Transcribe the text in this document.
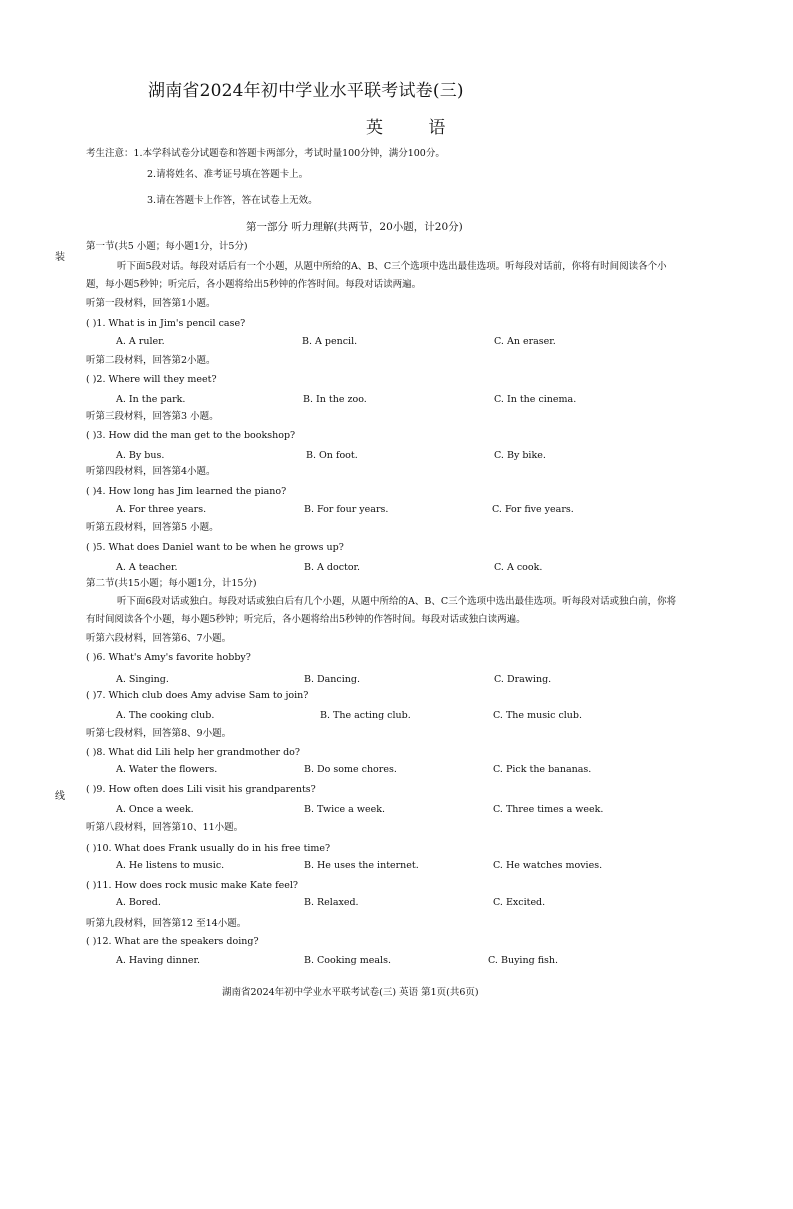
湖南省2024年初中学业水平联考试卷(三)
英 语
考生注意：1.本学科试卷分试题卷和答题卡两部分，考试时量100分钟，满分100分。
2.请将姓名、准考证号填在答题卡上。
3.请在答题卡上作答，答在试卷上无效。
第一部分 听力理解(共两节，20小题，计20分)
第一节(共5 小题；每小题1分，计5分)
装
听下面5段对话。每段对话后有一个小题，从题中所给的A、B、C三个选项中选出最佳选项。听每段对话前，你将有时间阅读各个小
题，每小题5秒钟；听完后，各小题将给出5秒钟的作答时间。每段对话读两遍。
听第一段材料，回答第1小题。
( )1. What is in Jim's pencil case?
A. A ruler.	B. A pencil.	C. An eraser.
听第二段材料，回答第2小题。
( )2. Where will they meet?
A. In the park.	B. In the zoo.	C. In the cinema.
听第三段材料，回答第3 小题。
( )3. How did the man get to the bookshop?
A. By bus.	B. On foot.	C. By bike.
听第四段材料，回答第4小题。
( )4. How long has Jim learned the piano?
A. For three years.	B. For four years.	C. For five years.
听第五段材料，回答第5 小题。
( )5. What does Daniel want to be when he grows up?
A. A teacher.	B. A doctor.	C. A cook.
第二节(共15小题；每小题1分，计15分)
听下面6段对话或独白。每段对话或独白后有几个小题，从题中所给的A、B、C三个选项中选出最佳选项。听每段对话或独白前，你将
有时间阅读各个小题，每小题5秒钟；听完后，各小题将给出5秒钟的作答时间。每段对话或独白读两遍。
线
听第六段材料，回答第6、7小题。
( )6. What's Amy's favorite hobby?
A. Singing.	B. Dancing.	C. Drawing.
( )7. Which club does Amy advise Sam to join?
A. The cooking club.	B. The acting club.	C. The music club.
听第七段材料，回答第8、9小题。
( )8. What did Lili help her grandmother do?
A. Water the flowers.	B. Do some chores.	C. Pick the bananas.
( )9. How often does Lili visit his grandparents?
A. Once a week.	B. Twice a week.	C. Three times a week.
听第八段材料，回答第10、11小题。
( )10. What does Frank usually do in his free time?
A. He listens to music.	B. He uses the internet.	C. He watches movies.
( )11. How does rock music make Kate feel?
A. Bored.	B. Relaxed.	C. Excited.
听第九段材料，回答第12 至14小题。
( )12. What are the speakers doing?
A. Having dinner.	B. Cooking meals.	C. Buying fish.
湖南省2024年初中学业水平联考试卷(三) 英语 第1页(共6页)
